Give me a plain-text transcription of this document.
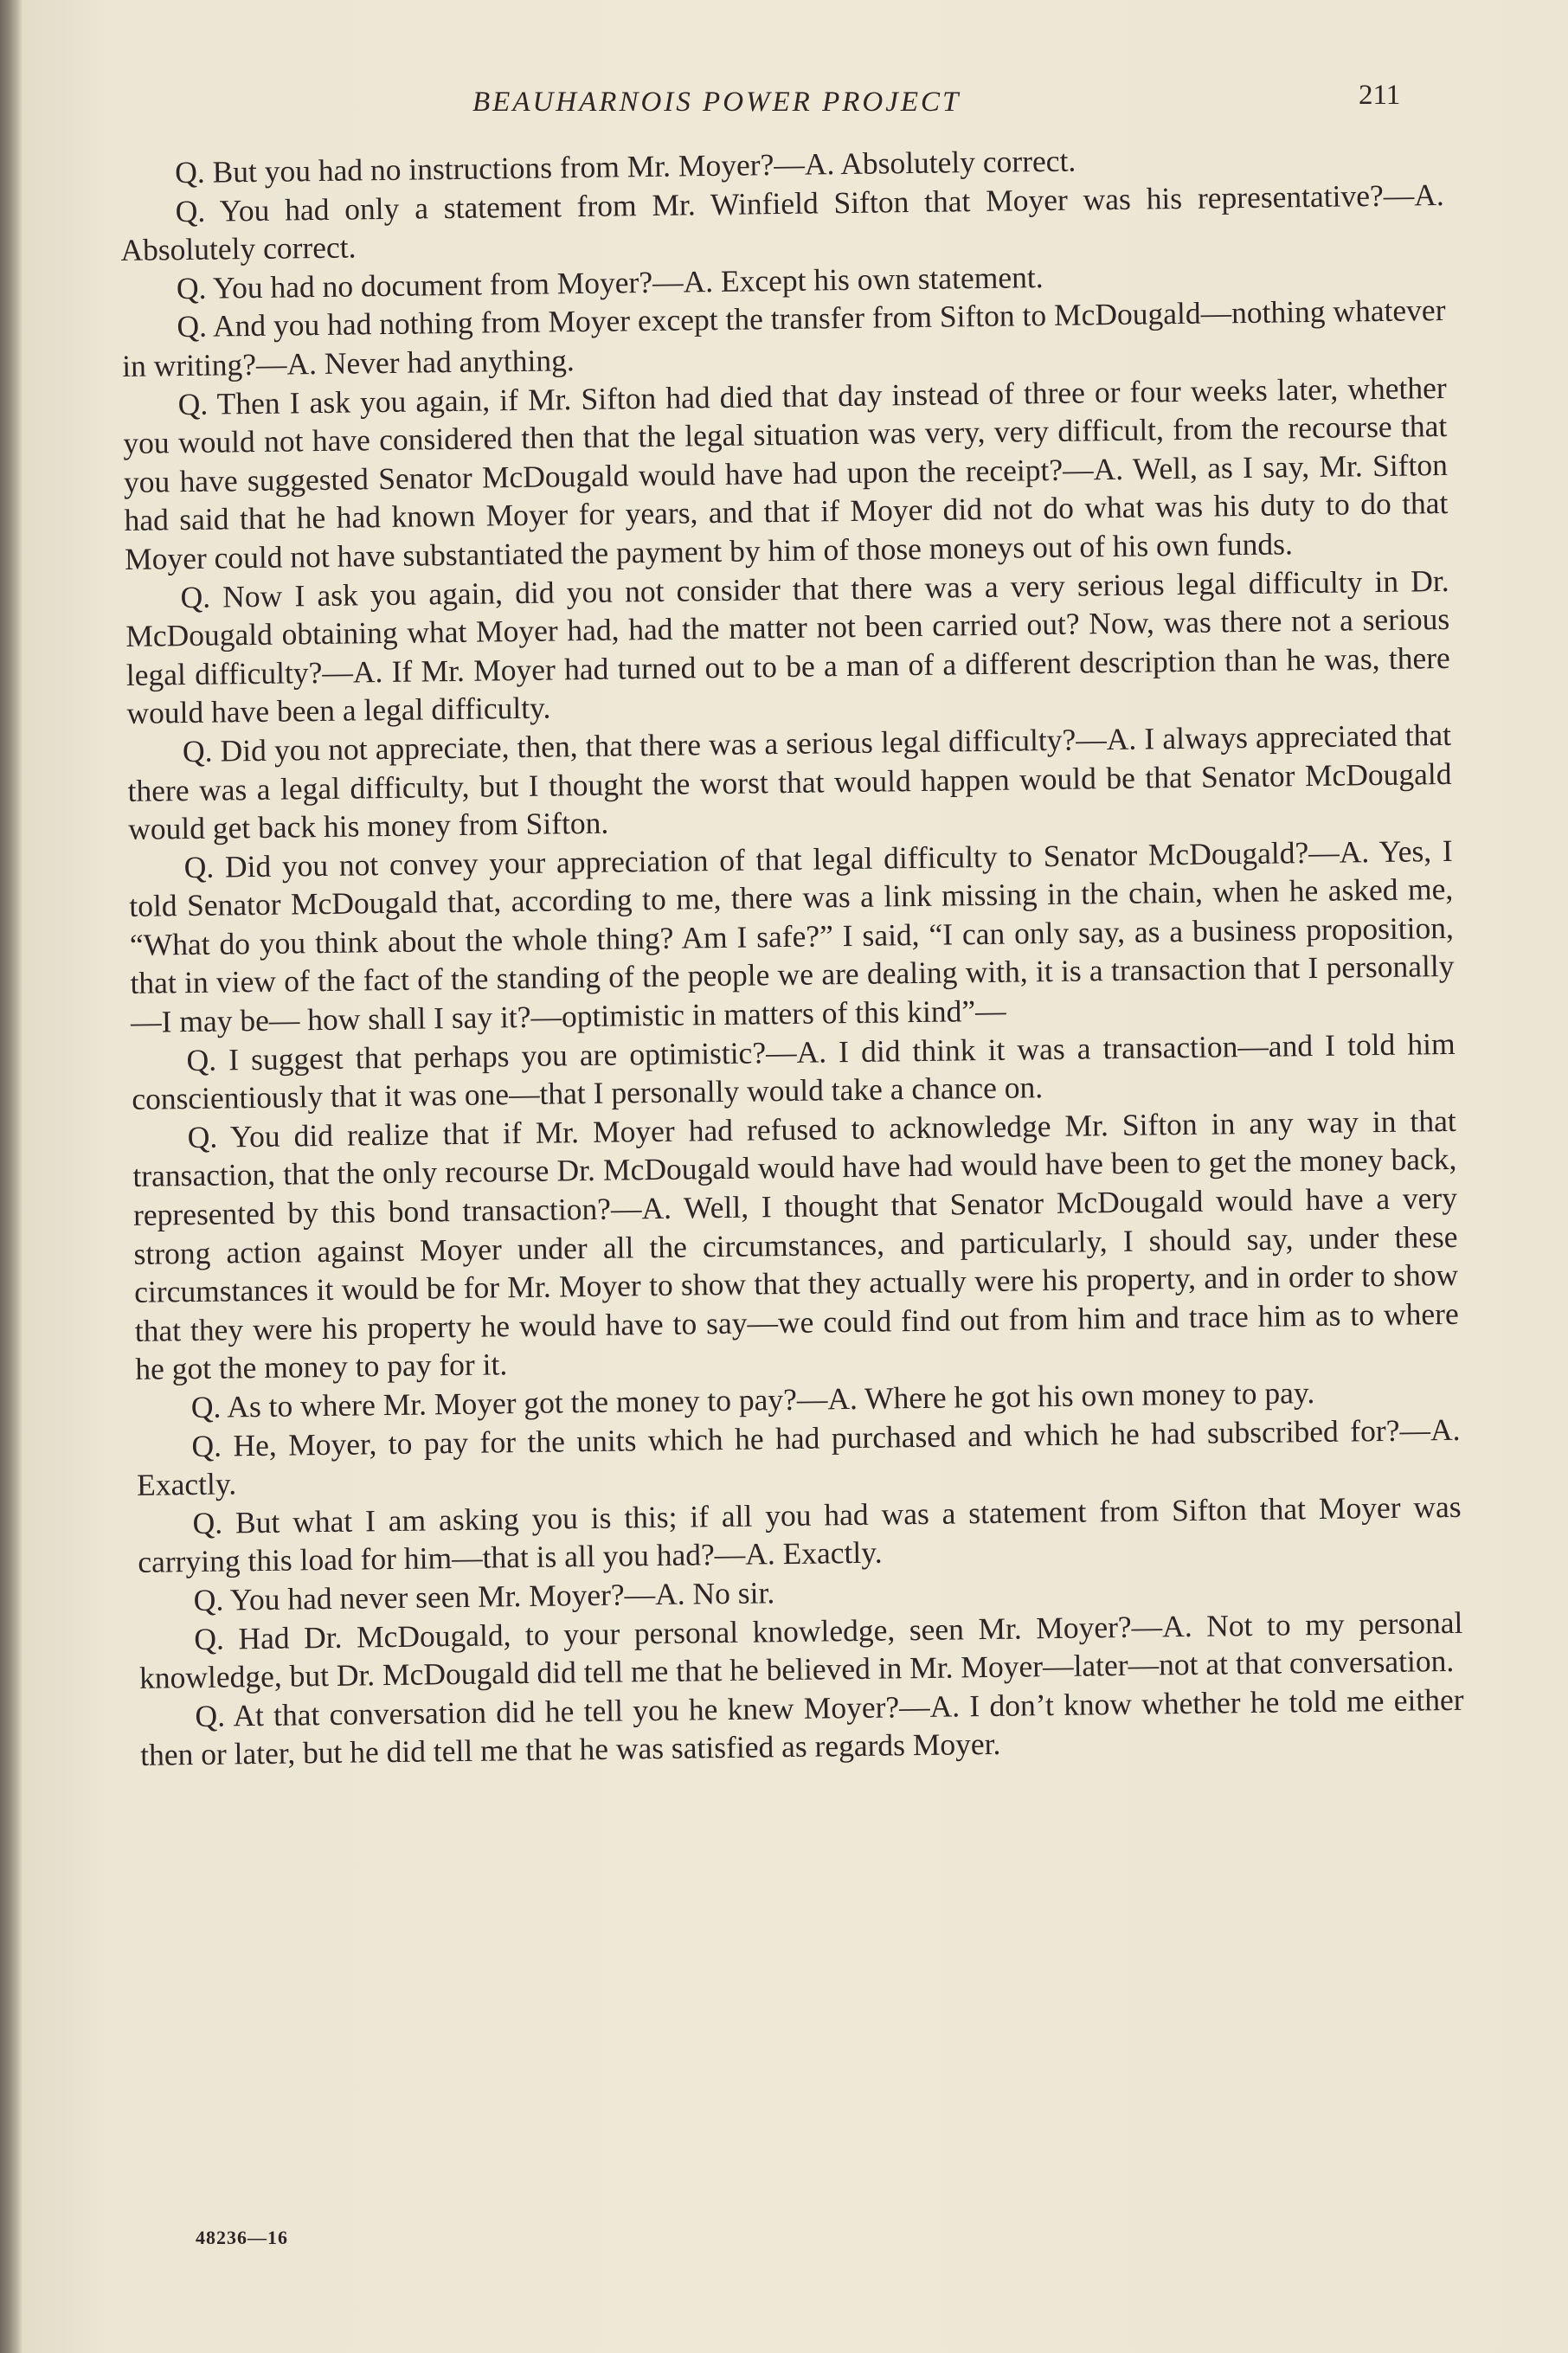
BEAUHARNOIS POWER PROJECT	211

Q. But you had no instructions from Mr. Moyer?—A. Absolutely correct.

Q. You had only a statement from Mr. Winfield Sifton that Moyer was his representative?—A. Absolutely correct.

Q. You had no document from Moyer?—A. Except his own statement.

Q. And you had nothing from Moyer except the transfer from Sifton to McDougald—nothing whatever in writing?—A. Never had anything.

Q. Then I ask you again, if Mr. Sifton had died that day instead of three or four weeks later, whether you would not have considered then that the legal situation was very, very difficult, from the recourse that you have suggested Senator McDougald would have had upon the receipt?—A. Well, as I say, Mr. Sifton had said that he had known Moyer for years, and that if Moyer did not do what was his duty to do that Moyer could not have substantiated the payment by him of those moneys out of his own funds.

Q. Now I ask you again, did you not consider that there was a very serious legal difficulty in Dr. McDougald obtaining what Moyer had, had the matter not been carried out? Now, was there not a serious legal difficulty?—A. If Mr. Moyer had turned out to be a man of a different description than he was, there would have been a legal difficulty.

Q. Did you not appreciate, then, that there was a serious legal difficulty?—A. I always appreciated that there was a legal difficulty, but I thought the worst that would happen would be that Senator McDougald would get back his money from Sifton.

Q. Did you not convey your appreciation of that legal difficulty to Senator McDougald?—A. Yes, I told Senator McDougald that, according to me, there was a link missing in the chain, when he asked me, “What do you think about the whole thing? Am I safe?” I said, “I can only say, as a business proposition, that in view of the fact of the standing of the people we are dealing with, it is a transaction that I personally—I may be— how shall I say it?—optimistic in matters of this kind”—

Q. I suggest that perhaps you are optimistic?—A. I did think it was a transaction—and I told him conscientiously that it was one—that I personally would take a chance on.

Q. You did realize that if Mr. Moyer had refused to acknowledge Mr. Sifton in any way in that transaction, that the only recourse Dr. McDougald would have had would have been to get the money back, represented by this bond transaction?—A. Well, I thought that Senator McDougald would have a very strong action against Moyer under all the circumstances, and particularly, I should say, under these circumstances it would be for Mr. Moyer to show that they actually were his property, and in order to show that they were his property he would have to say—we could find out from him and trace him as to where he got the money to pay for it.

Q. As to where Mr. Moyer got the money to pay?—A. Where he got his own money to pay.

Q. He, Moyer, to pay for the units which he had purchased and which he had subscribed for?—A. Exactly.

Q. But what I am asking you is this; if all you had was a statement from Sifton that Moyer was carrying this load for him—that is all you had?—A. Exactly.

Q. You had never seen Mr. Moyer?—A. No sir.

Q. Had Dr. McDougald, to your personal knowledge, seen Mr. Moyer?—A. Not to my personal knowledge, but Dr. McDougald did tell me that he believed in Mr. Moyer—later—not at that conversation.

Q. At that conversation did he tell you he knew Moyer?—A. I don’t know whether he told me either then or later, but he did tell me that he was satisfied as regards Moyer.

48236—16
